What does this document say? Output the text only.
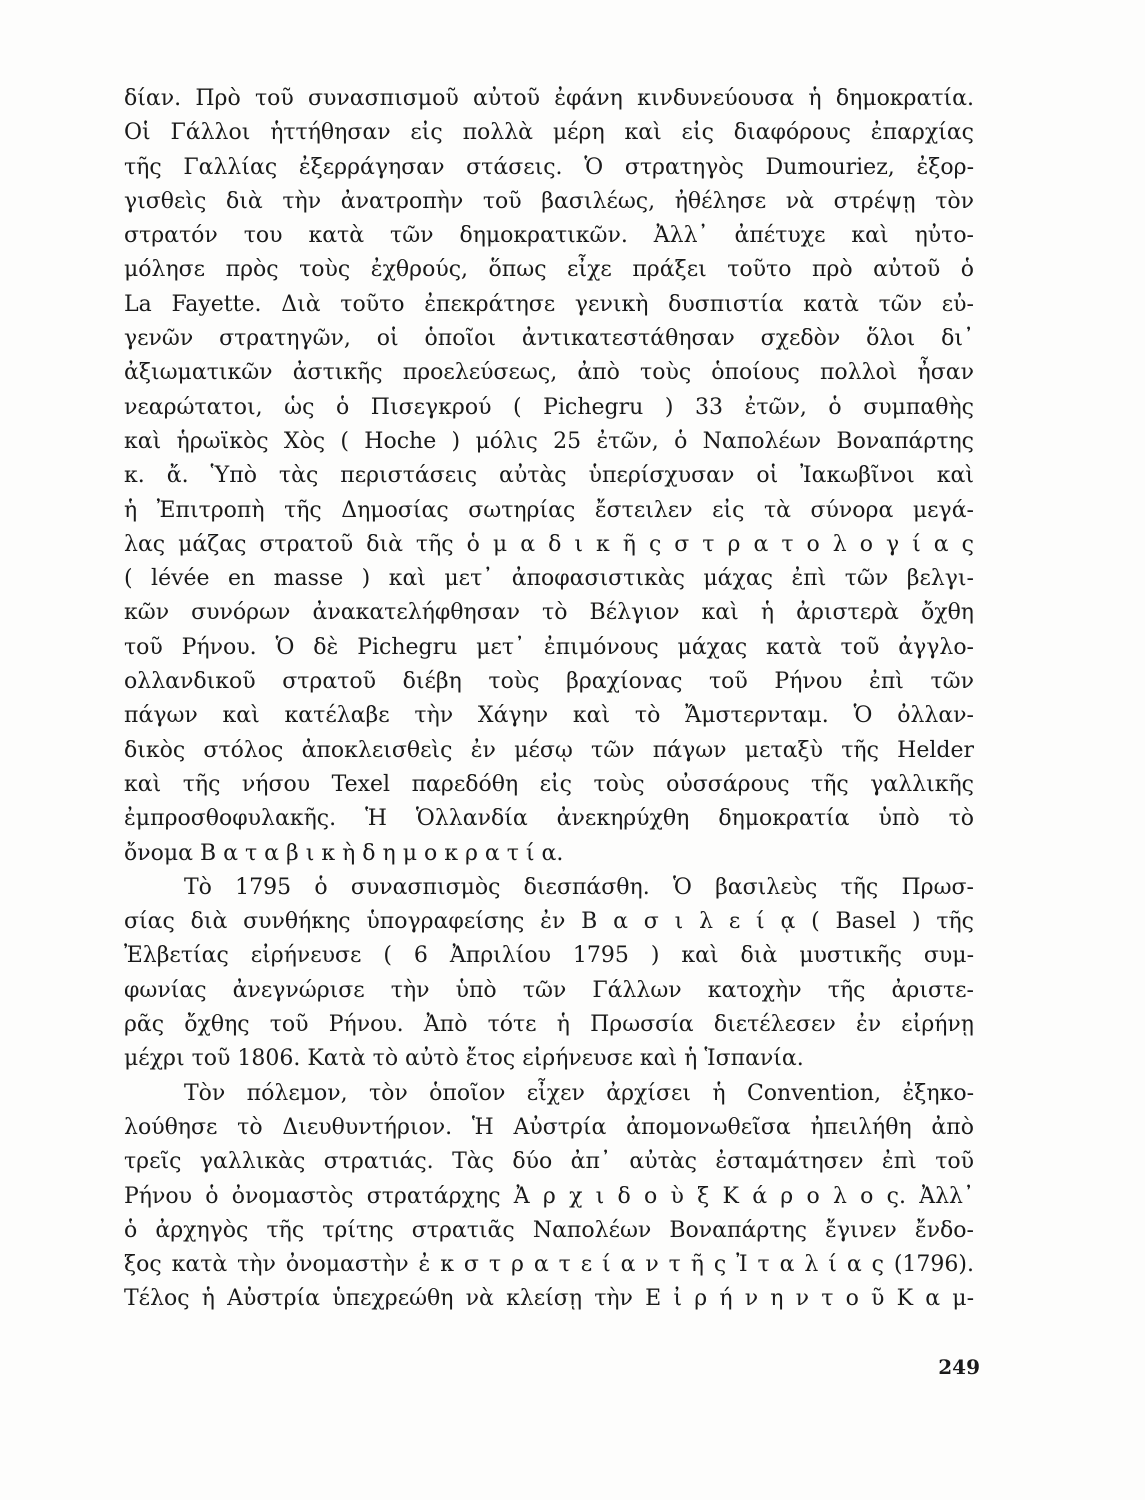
δίαν. Πρὸ τοῦ συνασπισμοῦ αὐτοῦ ἐφάνη κινδυνεύουσα ἡ δημοκρατία.
Οἱ Γάλλοι ἡττήθησαν εἰς πολλὰ μέρη καὶ εἰς διαφόρους ἐπαρχίας
τῆς Γαλλίας ἐξερράγησαν στάσεις. Ὁ στρατηγὸς Dumouriez, ἐξορ-
γισθεὶς διὰ τὴν ἀνατροπὴν τοῦ βασιλέως, ἠθέλησε νὰ στρέψῃ τὸν
στρατόν του κατὰ τῶν δημοκρατικῶν. Ἀλλ᾽ ἀπέτυχε καὶ ηὐτο-
μόλησε πρὸς τοὺς ἐχθρούς, ὅπως εἶχε πράξει τοῦτο πρὸ αὐτοῦ ὁ
La Fayette. Διὰ τοῦτο ἐπεκράτησε γενικὴ δυσπιστία κατὰ τῶν εὐ-
γενῶν στρατηγῶν, οἱ ὁποῖοι ἀντικατεστάθησαν σχεδὸν ὅλοι δι᾽
ἀξιωματικῶν ἀστικῆς προελεύσεως, ἀπὸ τοὺς ὁποίους πολλοὶ ἦσαν
νεαρώτατοι, ὡς ὁ Πισεγκρού ( Pichegru ) 33 ἐτῶν, ὁ συμπαθὴς
καὶ ἡρωϊκὸς Χὸς ( Hoche ) μόλις 25 ἐτῶν, ὁ Ναπολέων Βοναπάρτης
κ. ἄ. Ὑπὸ τὰς περιστάσεις αὐτὰς ὑπερίσχυσαν οἱ Ἰακωβῖνοι καὶ
ἡ Ἐπιτροπὴ τῆς Δημοσίας σωτηρίας ἔστειλεν εἰς τὰ σύνορα μεγά-
λας μάζας στρατοῦ διὰ τῆς ὁ μ α δ ι κ ῆ ς σ τ ρ α τ ο λ ο γ ί α ς
( lévée en masse ) καὶ μετ᾽ ἀποφασιστικὰς μάχας ἐπὶ τῶν βελγι-
κῶν συνόρων ἀνακατελήφθησαν τὸ Βέλγιον καὶ ἡ ἀριστερὰ ὄχθη
τοῦ Ρήνου. Ὁ δὲ Pichegru μετ᾽ ἐπιμόνους μάχας κατὰ τοῦ ἀγγλο-
ολλανδικοῦ στρατοῦ διέβη τοὺς βραχίονας τοῦ Ρήνου ἐπὶ τῶν
πάγων καὶ κατέλαβε τὴν Χάγην καὶ τὸ Ἄμστερνταμ. Ὁ ὀλλαν-
δικὸς στόλος ἀποκλεισθεὶς ἐν μέσῳ τῶν πάγων μεταξὺ τῆς Helder
καὶ τῆς νήσου Texel παρεδόθη εἰς τοὺς οὐσσάρους τῆς γαλλικῆς
ἐμπροσθοφυλακῆς. Ἡ Ὁλλανδία ἀνεκηρύχθη δημοκρατία ὑπὸ τὸ
ὄνομα Β α τ α β ι κ ὴ δ η μ ο κ ρ α τ ί α.
Τὸ 1795 ὁ συνασπισμὸς διεσπάσθη. Ὁ βασιλεὺς τῆς Πρωσ-
σίας διὰ συνθήκης ὑπογραφείσης ἐν Β α σ ι λ ε ί ᾳ ( Basel ) τῆς
Ἐλβετίας εἰρήνευσε ( 6 Ἀπριλίου 1795 ) καὶ διὰ μυστικῆς συμ-
φωνίας ἀνεγνώρισε τὴν ὑπὸ τῶν Γάλλων κατοχὴν τῆς ἀριστε-
ρᾶς ὄχθης τοῦ Ρήνου. Ἀπὸ τότε ἡ Πρωσσία διετέλεσεν ἐν εἰρήνῃ
μέχρι τοῦ 1806. Κατὰ τὸ αὐτὸ ἔτος εἰρήνευσε καὶ ἡ Ἱσπανία.
Τὸν πόλεμον, τὸν ὁποῖον εἶχεν ἀρχίσει ἡ Convention, ἐξηκο-
λούθησε τὸ Διευθυντήριον. Ἡ Αὐστρία ἀπομονωθεῖσα ἠπειλήθη ἀπὸ
τρεῖς γαλλικὰς στρατιάς. Τὰς δύο ἀπ᾽ αὐτὰς ἐσταμάτησεν ἐπὶ τοῦ
Ρήνου ὁ ὀνομαστὸς στρατάρχης Ἀ ρ χ ι δ ο ὺ ξ Κ ά ρ ο λ ο ς. Ἀλλ᾽
ὁ ἀρχηγὸς τῆς τρίτης στρατιᾶς Ναπολέων Βοναπάρτης ἔγινεν ἔνδο-
ξος κατὰ τὴν ὀνομαστὴν ἐ κ σ τ ρ α τ ε ί α ν τ ῆ ς Ἰ τ α λ ί α ς (1796).
Τέλος ἡ Αὐστρία ὑπεχρεώθη νὰ κλείσῃ τὴν Ε ἰ ρ ή ν η ν τ ο ῦ Κ α μ-
249
